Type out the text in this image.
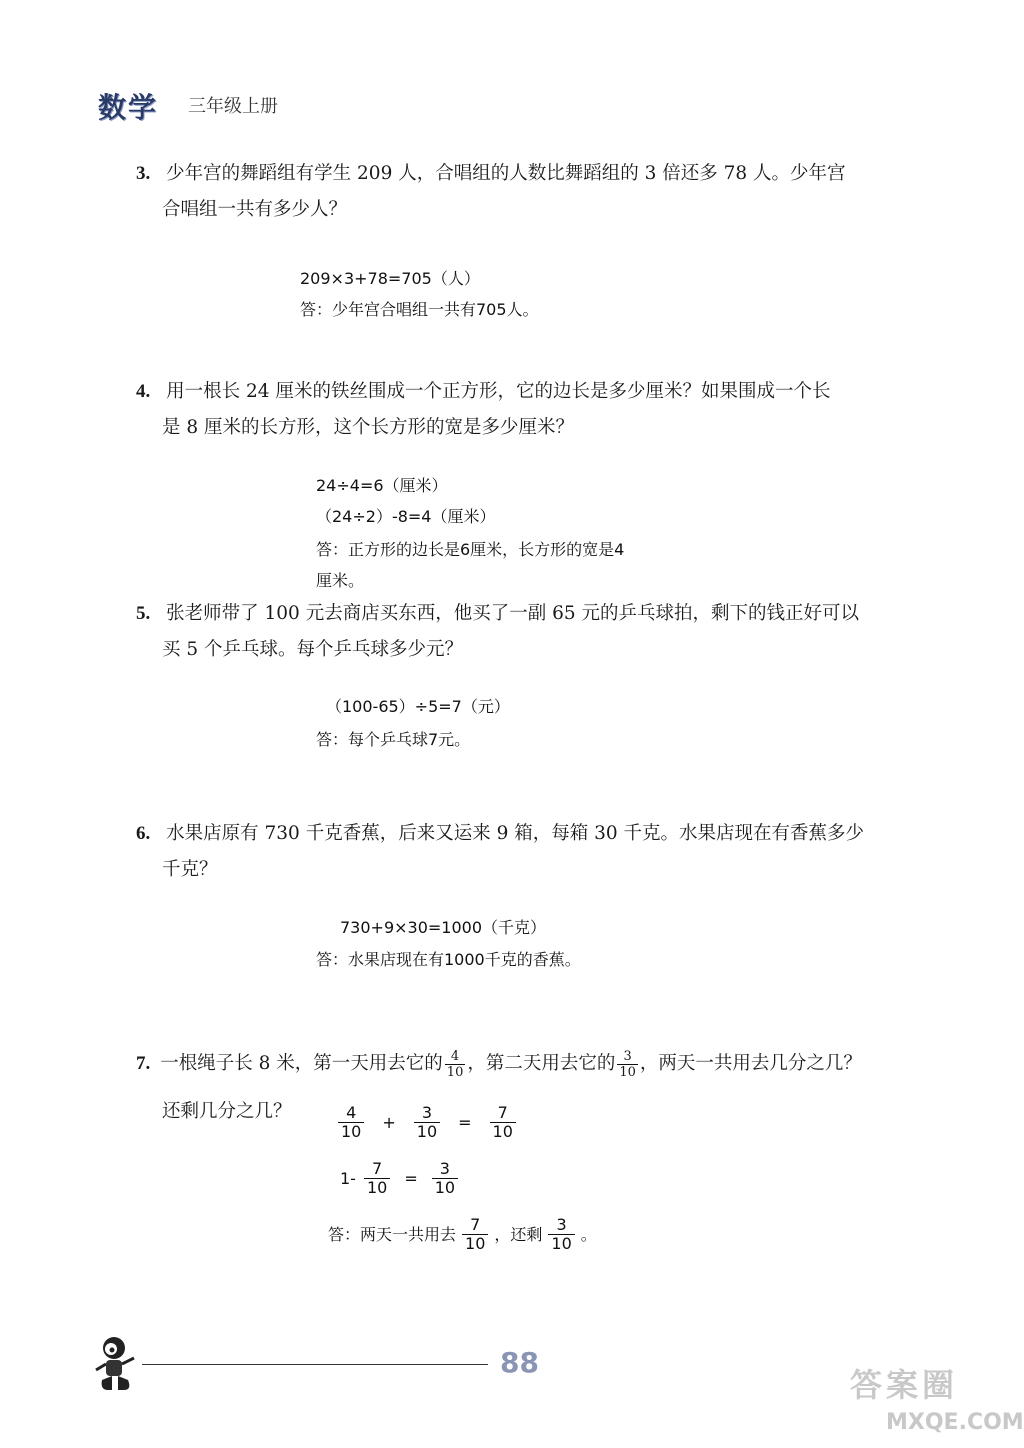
数学 三年级上册
3. 少年宫的舞蹈组有学生 209 人，合唱组的人数比舞蹈组的 3 倍还多 78 人。少年宫
合唱组一共有多少人？
209×3+78=705（人）
答：少年宫合唱组一共有705人。
4. 用一根长 24 厘米的铁丝围成一个正方形，它的边长是多少厘米？如果围成一个长
是 8 厘米的长方形，这个长方形的宽是多少厘米？
24÷4=6（厘米）
（24÷2）-8=4（厘米）
答：正方形的边长是6厘米，长方形的宽是4
厘米。
5. 张老师带了 100 元去商店买东西，他买了一副 65 元的乒乓球拍，剩下的钱正好可以
买 5 个乒乓球。每个乒乓球多少元？
（100-65）÷5=7（元）
答：每个乒乓球7元。
6. 水果店原有 730 千克香蕉，后来又运来 9 箱，每箱 30 千克。水果店现在有香蕉多少
千克？
730+9×30=1000（千克）
答：水果店现在有1000千克的香蕉。
7. 一根绳子长 8 米，第一天用去它的 $\frac{4}{10}$ ，第二天用去它的 $\frac{3}{10}$ ，两天一共用去几分之几？
还剩几分之几？	$\frac{4}{10} + \frac{3}{10} = \frac{7}{10}$
$1- \frac{7}{10} = \frac{3}{10}$
答：两天一共用去 $\frac{7}{10}$ ，还剩 $\frac{3}{10}$ 。
88
答案圈
MXQE.COM
